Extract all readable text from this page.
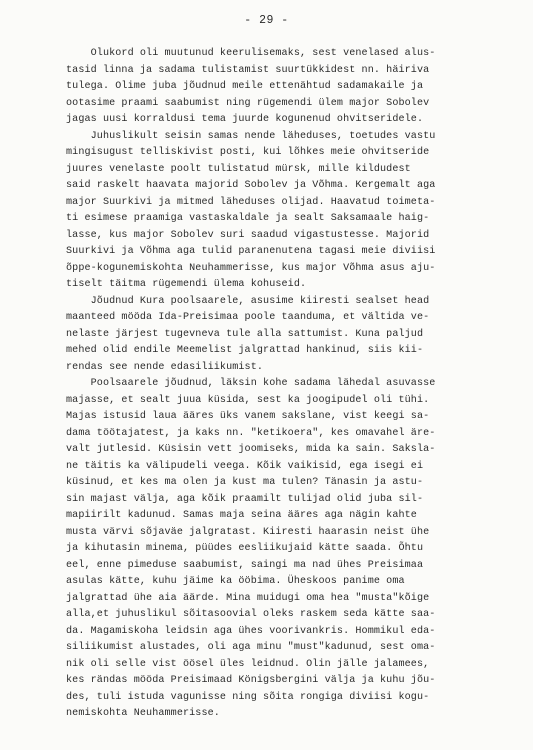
- 29 -
Olukord oli muutunud keerulisemaks, sest venelased alus-
tasid linna ja sadama tulistamist suurtükkidest nn. häiriva
tulega. Olime juba jõudnud meile ettenähtud sadamakaile ja
ootasime praami saabumist ning rügemendi ülem major Sobolev
jagas uusi korraldusi tema juurde kogunenud ohvitseridele.
Juhuslikult seisin samas nende läheduses, toetudes vastu
mingisugust telliskivist posti, kui lõhkes meie ohvitseride
juures venelaste poolt tulistatud mürsk, mille kildudest
said raskelt haavata majorid Sobolev ja Võhma. Kergemalt aga
major Suurkivi ja mitmed läheduses olijad. Haavatud toimeta-
ti esimese praamiga vastaskaldale ja sealt Saksamaale haig-
lasse, kus major Sobolev suri saadud vigastustesse. Majorid
Suurkivi ja Võhma aga tulid paranenutena tagasi meie diviisi
õppe-kogunemiskohta Neuhammerisse, kus major Võhma asus aju-
tiselt täitma rügemendi ülema kohuseid.
Jõudnud Kura poolsaarele, asusime kiiresti sealset head
maanteed mööda Ida-Preisimaa poole taanduma, et vältida ve-
nelaste järjest tugevneva tule alla sattumist. Kuna paljud
mehed olid endile Meemelist jalgrattad hankinud, siis kii-
rendas see nende edasiliikumist.
Poolsaarele jõudnud, läksin kohe sadama lähedal asuvasse
majasse, et sealt juua küsida, sest ka joogipudel oli tühi.
Majas istusid laua ääres üks vanem sakslane, vist keegi sa-
dama töötajatest, ja kaks nn. "ketikoera", kes omavahel äre-
valt jutlesid. Küsisin vett joomiseks, mida ka sain. Saksla-
ne täitis ka välipudeli veega. Kõik vaikisid, ega isegi ei
küsinud, et kes ma olen ja kust ma tulen? Tänasin ja astu-
sin majast välja, aga kõik praamilt tulijad olid juba sil-
mapiirilt kadunud. Samas maja seina ääres aga nägin kahte
musta värvi sõjaväe jalgratast. Kiiresti haarasin neist ühe
ja kihutasin minema, püüdes eesliikujaid kätte saada. Õhtu
eel, enne pimeduse saabumist, saingi ma nad ühes Preisimaa
asulas kätte, kuhu jäime ka ööbima. Üheskoos panime oma
jalgrattad ühe aia äärde. Mina muidugi oma hea "musta"kõige
alla,et juhuslikul sõitasoovial oleks raskem seda kätte saa-
da. Magamiskoha leidsin aga ühes voorivankris. Hommikul eda-
siliikumist alustades, oli aga minu "must"kadunud, sest oma-
nik oli selle vist öösel üles leidnud. Olin jälle jalamees,
kes rändas mööda Preisimaad Königsbergini välja ja kuhu jõu-
des, tuli istuda vagunisse ning sõita rongiga diviisi kogu-
nemiskohta Neuhammerisse.
